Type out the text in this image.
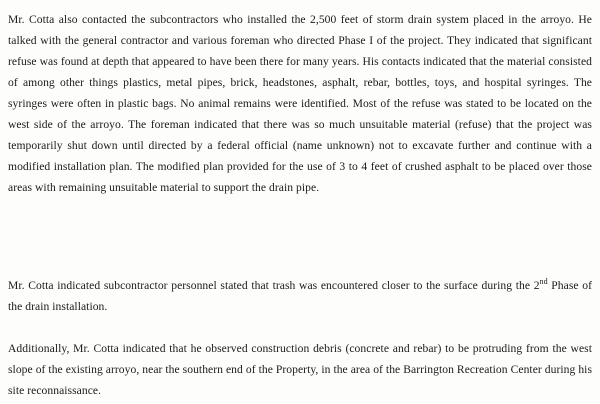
Mr. Cotta also contacted the subcontractors who installed the 2,500 feet of storm drain system placed in the arroyo. He talked with the general contractor and various foreman who directed Phase I of the project. They indicated that significant refuse was found at depth that appeared to have been there for many years. His contacts indicated that the material consisted of among other things plastics, metal pipes, brick, headstones, asphalt, rebar, bottles, toys, and hospital syringes. The syringes were often in plastic bags. No animal remains were identified. Most of the refuse was stated to be located on the west side of the arroyo. The foreman indicated that there was so much unsuitable material (refuse) that the project was temporarily shut down until directed by a federal official (name unknown) not to excavate further and continue with a modified installation plan. The modified plan provided for the use of 3 to 4 feet of crushed asphalt to be placed over those areas with remaining unsuitable material to support the drain pipe.

Mr. Cotta indicated subcontractor personnel stated that trash was encountered closer to the surface during the 2nd Phase of the drain installation.

Additionally, Mr. Cotta indicated that he observed construction debris (concrete and rebar) to be protruding from the west slope of the existing arroyo, near the southern end of the Property, in the area of the Barrington Recreation Center during his site reconnaissance.
